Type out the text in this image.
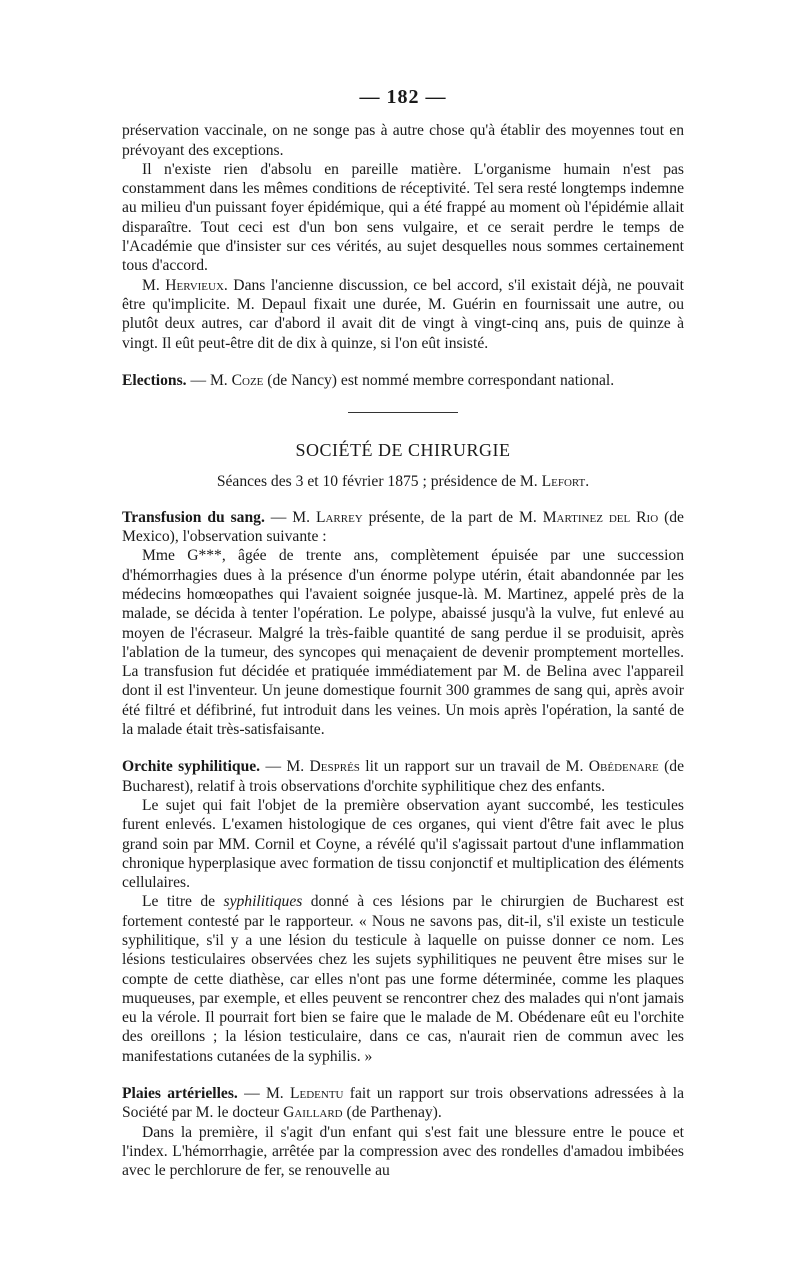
— 182 —

préservation vaccinale, on ne songe pas à autre chose qu'à établir des moyennes tout en prévoyant des exceptions.

Il n'existe rien d'absolu en pareille matière. L'organisme humain n'est pas constamment dans les mêmes conditions de réceptivité. Tel sera resté longtemps indemne au milieu d'un puissant foyer épidémique, qui a été frappé au moment où l'épidémie allait disparaître. Tout ceci est d'un bon sens vulgaire, et ce serait perdre le temps de l'Académie que d'insister sur ces vérités, au sujet desquelles nous sommes certainement tous d'accord.

M. Hervieux. Dans l'ancienne discussion, ce bel accord, s'il existait déjà, ne pouvait être qu'implicite. M. Depaul fixait une durée, M. Guérin en fournissait une autre, ou plutôt deux autres, car d'abord il avait dit de vingt à vingt-cinq ans, puis de quinze à vingt. Il eût peut-être dit de dix à quinze, si l'on eût insisté.

Elections. — M. Coze (de Nancy) est nommé membre correspondant national.

SOCIÉTÉ DE CHIRURGIE
Séances des 3 et 10 février 1875 ; présidence de M. Lefort.

Transfusion du sang. — M. Larrey présente, de la part de M. Martinez del Rio (de Mexico), l'observation suivante :

Mme G***, âgée de trente ans, complètement épuisée par une succession d'hémorrhagies dues à la présence d'un énorme polype utérin, était abandonnée par les médecins homœopathes qui l'avaient soignée jusque-là. M. Martinez, appelé près de la malade, se décida à tenter l'opération. Le polype, abaissé jusqu'à la vulve, fut enlevé au moyen de l'écraseur. Malgré la très-faible quantité de sang perdue il se produisit, après l'ablation de la tumeur, des syncopes qui menaçaient de devenir promptement mortelles. La transfusion fut décidée et pratiquée immédiatement par M. de Belina avec l'appareil dont il est l'inventeur. Un jeune domestique fournit 300 grammes de sang qui, après avoir été filtré et défibriné, fut introduit dans les veines. Un mois après l'opération, la santé de la malade était très-satisfaisante.

Orchite syphilitique. — M. Després lit un rapport sur un travail de M. Obédenare (de Bucharest), relatif à trois observations d'orchite syphilitique chez des enfants.

Le sujet qui fait l'objet de la première observation ayant succombé, les testicules furent enlevés. L'examen histologique de ces organes, qui vient d'être fait avec le plus grand soin par MM. Cornil et Coyne, a révélé qu'il s'agissait partout d'une inflammation chronique hyperplasique avec formation de tissu conjonctif et multiplication des éléments cellulaires.

Le titre de syphilitiques donné à ces lésions par le chirurgien de Bucharest est fortement contesté par le rapporteur. « Nous ne savons pas, dit-il, s'il existe un testicule syphilitique, s'il y a une lésion du testicule à laquelle on puisse donner ce nom. Les lésions testiculaires observées chez les sujets syphilitiques ne peuvent être mises sur le compte de cette diathèse, car elles n'ont pas une forme déterminée, comme les plaques muqueuses, par exemple, et elles peuvent se rencontrer chez des malades qui n'ont jamais eu la vérole. Il pourrait fort bien se faire que le malade de M. Obédenare eût eu l'orchite des oreillons ; la lésion testiculaire, dans ce cas, n'aurait rien de commun avec les manifestations cutanées de la syphilis. »

Plaies artérielles. — M. Ledentu fait un rapport sur trois observations adressées à la Société par M. le docteur Gaillard (de Parthenay).

Dans la première, il s'agit d'un enfant qui s'est fait une blessure entre le pouce et l'index. L'hémorrhagie, arrêtée par la compression avec des rondelles d'amadou imbibées avec le perchlorure de fer, se renouvelle au
